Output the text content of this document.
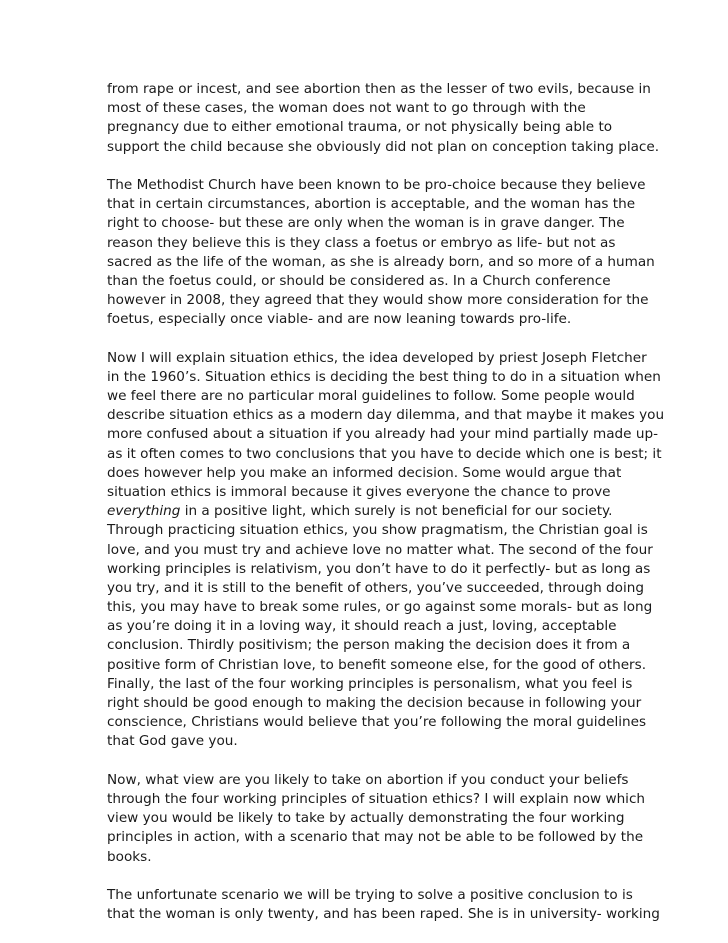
from rape or incest, and see abortion then as the lesser of two evils, because in
most of these cases, the woman does not want to go through with the
pregnancy due to either emotional trauma, or not physically being able to
support the child because she obviously did not plan on conception taking place.

The Methodist Church have been known to be pro-choice because they believe
that in certain circumstances, abortion is acceptable, and the woman has the
right to choose- but these are only when the woman is in grave danger. The
reason they believe this is they class a foetus or embryo as life- but not as
sacred as the life of the woman, as she is already born, and so more of a human
than the foetus could, or should be considered as. In a Church conference
however in 2008, they agreed that they would show more consideration for the
foetus, especially once viable- and are now leaning towards pro-life.

Now I will explain situation ethics, the idea developed by priest Joseph Fletcher
in the 1960’s. Situation ethics is deciding the best thing to do in a situation when
we feel there are no particular moral guidelines to follow. Some people would
describe situation ethics as a modern day dilemma, and that maybe it makes you
more confused about a situation if you already had your mind partially made up-
as it often comes to two conclusions that you have to decide which one is best; it
does however help you make an informed decision. Some would argue that
situation ethics is immoral because it gives everyone the chance to prove
everything in a positive light, which surely is not beneficial for our society.
Through practicing situation ethics, you show pragmatism, the Christian goal is
love, and you must try and achieve love no matter what. The second of the four
working principles is relativism, you don’t have to do it perfectly- but as long as
you try, and it is still to the benefit of others, you’ve succeeded, through doing
this, you may have to break some rules, or go against some morals- but as long
as you’re doing it in a loving way, it should reach a just, loving, acceptable
conclusion. Thirdly positivism; the person making the decision does it from a
positive form of Christian love, to benefit someone else, for the good of others.
Finally, the last of the four working principles is personalism, what you feel is
right should be good enough to making the decision because in following your
conscience, Christians would believe that you’re following the moral guidelines
that God gave you.

Now, what view are you likely to take on abortion if you conduct your beliefs
through the four working principles of situation ethics? I will explain now which
view you would be likely to take by actually demonstrating the four working
principles in action, with a scenario that may not be able to be followed by the
books.

The unfortunate scenario we will be trying to solve a positive conclusion to is
that the woman is only twenty, and has been raped. She is in university- working
